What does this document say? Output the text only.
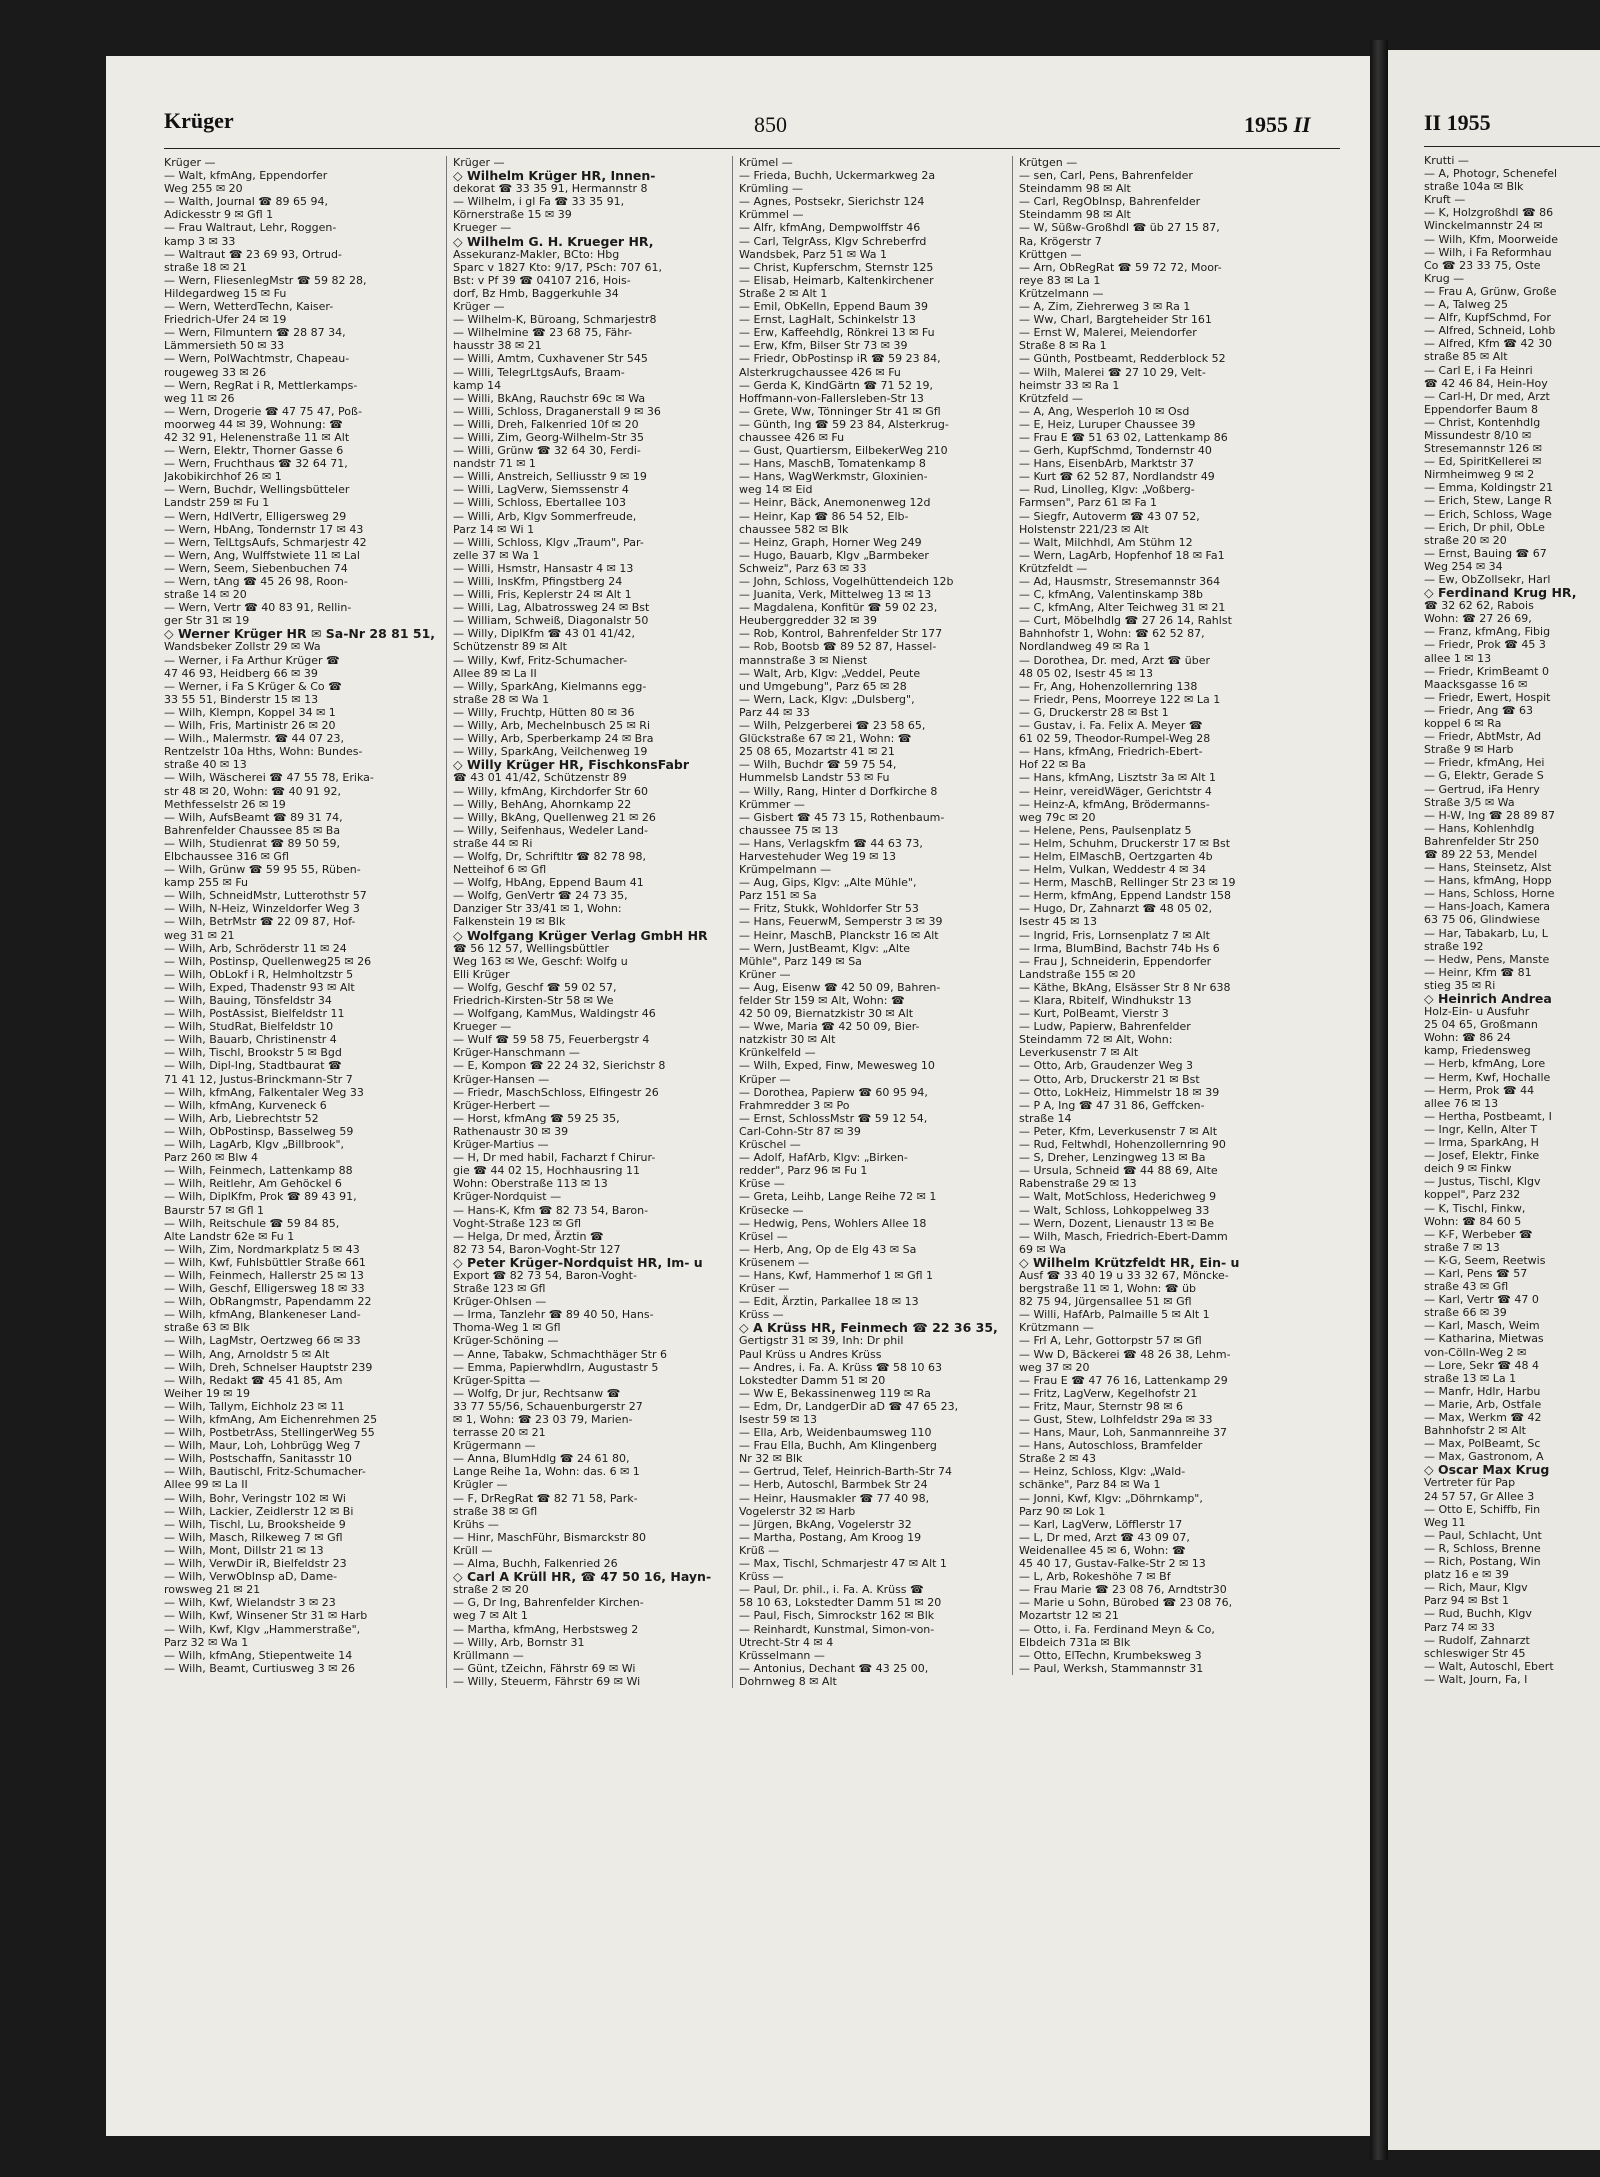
Krüger	850	1955 II
Krüger —
— Walt, kfmAng, Eppendorfer
Weg 255 ✉ 20
— Walth, Journal ☎ 89 65 94,
Adickesstr 9 ✉ Gfl 1
— Frau Waltraut, Lehr, Roggen-
kamp 3 ✉ 33
— Waltraut ☎ 23 69 93, Ortrud-
straße 18 ✉ 21
— Wern, FliesenlegMstr ☎ 59 82 28,
Hildegardweg 15 ✉ Fu
— Wern, WetterdTechn, Kaiser-
Friedrich-Ufer 24 ✉ 19
— Wern, Filmuntern ☎ 28 87 34,
Lämmersieth 50 ✉ 33
— Wern, PolWachtmstr, Chapeau-
rougeweg 33 ✉ 26
— Wern, RegRat i R, Mettlerkamps-
weg 11 ✉ 26
— Wern, Drogerie ☎ 47 75 47, Poß-
moorweg 44 ✉ 39, Wohnung: ☎
42 32 91, Helenenstraße 11 ✉ Alt
— Wern, Elektr, Thorner Gasse 6
— Wern, Fruchthaus ☎ 32 64 71,
Jakobikirchhof 26 ✉ 1
— Wern, Buchdr, Wellingsbütteler
Landstr 259 ✉ Fu 1
— Wern, HdlVertr, Elligersweg 29
— Wern, HbAng, Tondernstr 17 ✉ 43
— Wern, TelLtgsAufs, Schmarjestr 42
— Wern, Ang, Wulffstwiete 11 ✉ Lal
— Wern, Seem, Siebenbuchen 74
— Wern, tAng ☎ 45 26 98, Roon-
straße 14 ✉ 20
— Wern, Vertr ☎ 40 83 91, Rellin-
ger Str 31 ✉ 19
◇ Werner Krüger HR ✉ Sa-Nr 28 81 51,
Wandsbeker Zollstr 29 ✉ Wa
— Werner, i Fa Arthur Krüger ☎
47 46 93, Heidberg 66 ✉ 39
— Werner, i Fa S Krüger & Co ☎
33 55 51, Binderstr 15 ✉ 13
— Wilh, Klempn, Koppel 34 ✉ 1
— Wilh, Fris, Martinistr 26 ✉ 20
— Wilh., Malermstr. ☎ 44 07 23,
Rentzelstr 10a Hths, Wohn: Bundes-
straße 40 ✉ 13
— Wilh, Wäscherei ☎ 47 55 78, Erika-
str 48 ✉ 20, Wohn: ☎ 40 91 92,
Methfesselstr 26 ✉ 19
— Wilh, AufsBeamt ☎ 89 31 74,
Bahrenfelder Chaussee 85 ✉ Ba
— Wilh, Studienrat ☎ 89 50 59,
Elbchaussee 316 ✉ Gfl
— Wilh, Grünw ☎ 59 95 55, Rüben-
kamp 255 ✉ Fu
— Wilh, SchneidMstr, Lutterothstr 57
— Wilh, N-Heiz, Winzeldorfer Weg 3
— Wilh, BetrMstr ☎ 22 09 87, Hof-
weg 31 ✉ 21
— Wilh, Arb, Schröderstr 11 ✉ 24
— Wilh, Postinsp, Quellenweg25 ✉ 26
— Wilh, ObLokf i R, Helmholtzstr 5
— Wilh, Exped, Thadenstr 93 ✉ Alt
— Wilh, Bauing, Tönsfeldstr 34
— Wilh, PostAssist, Bielfeldstr 11
— Wilh, StudRat, Bielfeldstr 10
— Wilh, Bauarb, Christinenstr 4
— Wilh, Tischl, Brookstr 5 ✉ Bgd
— Wilh, Dipl-Ing, Stadtbaurat ☎
71 41 12, Justus-Brinckmann-Str 7
— Wilh, kfmAng, Falkentaler Weg 33
— Wilh, kfmAng, Kurveneck 6
— Wilh, Arb, Liebrechtstr 52
— Wilh, ObPostinsp, Basselweg 59
— Wilh, LagArb, Klgv „Billbrook",
Parz 260 ✉ Blw 4
— Wilh, Feinmech, Lattenkamp 88
— Wilh, Reitlehr, Am Gehöckel 6
— Wilh, DiplKfm, Prok ☎ 89 43 91,
Baurstr 57 ✉ Gfl 1
— Wilh, Reitschule ☎ 59 84 85,
Alte Landstr 62e ✉ Fu 1
— Wilh, Zim, Nordmarkplatz 5 ✉ 43
— Wilh, Kwf, Fuhlsbüttler Straße 661
— Wilh, Feinmech, Hallerstr 25 ✉ 13
— Wilh, Geschf, Elligersweg 18 ✉ 33
— Wilh, ObRangmstr, Papendamm 22
— Wilh, kfmAng, Blankeneser Land-
straße 63 ✉ Blk
— Wilh, LagMstr, Oertzweg 66 ✉ 33
— Wilh, Ang, Arnoldstr 5 ✉ Alt
— Wilh, Dreh, Schnelser Hauptstr 239
— Wilh, Redakt ☎ 45 41 85, Am
Weiher 19 ✉ 19
— Wilh, Tallym, Eichholz 23 ✉ 11
— Wilh, kfmAng, Am Eichenrehmen 25
— Wilh, PostbetrAss, StellingerWeg 55
— Wilh, Maur, Loh, Lohbrügg Weg 7
— Wilh, Postschaffn, Sanitasstr 10
— Wilh, Bautischl, Fritz-Schumacher-
Allee 99 ✉ La II
— Wilh, Bohr, Veringstr 102 ✉ Wi
— Wilh, Lackier, Zeidlerstr 12 ✉ Bi
— Wilh, Tischl, Lu, Brooksheide 9
— Wilh, Masch, Rilkeweg 7 ✉ Gfl
— Wilh, Mont, Dillstr 21 ✉ 13
— Wilh, VerwDir iR, Bielfeldstr 23
— Wilh, VerwObInsp aD, Dame-
rowsweg 21 ✉ 21
— Wilh, Kwf, Wielandstr 3 ✉ 23
— Wilh, Kwf, Winsener Str 31 ✉ Harb
— Wilh, Kwf, Klgv „Hammerstraße",
Parz 32 ✉ Wa 1
— Wilh, kfmAng, Stiepentweite 14
— Wilh, Beamt, Curtiusweg 3 ✉ 26
Krüger —
◇ Wilhelm Krüger HR, Innen-
dekorat ☎ 33 35 91, Hermannstr 8
— Wilhelm, i gl Fa ☎ 33 35 91,
Körnerstraße 15 ✉ 39
Krueger —
◇ Wilhelm G. H. Krueger HR,
Assekuranz-Makler, BCto: Hbg
Sparc v 1827 Kto: 9/17, PSch: 707 61,
Bst: v Pf 39 ☎ 04107 216, Hois-
dorf, Bz Hmb, Baggerkuhle 34
Krüger —
— Wilhelm-K, Büroang, Schmarjestr8
— Wilhelmine ☎ 23 68 75, Fähr-
hausstr 38 ✉ 21
— Willi, Amtm, Cuxhavener Str 545
— Willi, TelegrLtgsAufs, Braam-
kamp 14
— Willi, BkAng, Rauchstr 69c ✉ Wa
— Willi, Schloss, Draganerstall 9 ✉ 36
— Willi, Dreh, Falkenried 10f ✉ 20
— Willi, Zim, Georg-Wilhelm-Str 35
— Willi, Grünw ☎ 32 64 30, Ferdi-
nandstr 71 ✉ 1
— Willi, Anstreich, Selliusstr 9 ✉ 19
— Willi, LagVerw, Siemssenstr 4
— Willi, Schloss, Ebertallee 103
— Willi, Arb, Klgv Sommerfreude,
Parz 14 ✉ Wi 1
— Willi, Schloss, Klgv „Traum", Par-
zelle 37 ✉ Wa 1
— Willi, Hsmstr, Hansastr 4 ✉ 13
— Willi, InsKfm, Pfingstberg 24
— Willi, Fris, Keplerstr 24 ✉ Alt 1
— Willi, Lag, Albatrossweg 24 ✉ Bst
— William, Schweiß, Diagonalstr 50
— Willy, DiplKfm ☎ 43 01 41/42,
Schützenstr 89 ✉ Alt
— Willy, Kwf, Fritz-Schumacher-
Allee 89 ✉ La II
— Willy, SparkAng, Kielmanns egg-
straße 28 ✉ Wa 1
— Willy, Fruchtp, Hütten 80 ✉ 36
— Willy, Arb, Mechelnbusch 25 ✉ Ri
— Willy, Arb, Sperberkamp 24 ✉ Bra
— Willy, SparkAng, Veilchenweg 19
◇ Willy Krüger HR, FischkonsFabr
☎ 43 01 41/42, Schützenstr 89
— Willy, kfmAng, Kirchdorfer Str 60
— Willy, BehAng, Ahornkamp 22
— Willy, BkAng, Quellenweg 21 ✉ 26
— Willy, Seifenhaus, Wedeler Land-
straße 44 ✉ Ri
— Wolfg, Dr, Schriftltr ☎ 82 78 98,
Netteihof 6 ✉ Gfl
— Wolfg, HbAng, Eppend Baum 41
— Wolfg, GenVertr ☎ 24 73 35,
Danziger Str 33/41 ✉ 1, Wohn:
Falkenstein 19 ✉ Blk
◇ Wolfgang Krüger Verlag GmbH HR
☎ 56 12 57, Wellingsbüttler
Weg 163 ✉ We, Geschf: Wolfg u
Elli Krüger
— Wolfg, Geschf ☎ 59 02 57,
Friedrich-Kirsten-Str 58 ✉ We
— Wolfgang, KamMus, Waldingstr 46
Krueger —
— Wulf ☎ 59 58 75, Feuerbergstr 4
Krüger-Hanschmann —
— E, Kompon ☎ 22 24 32, Sierichstr 8
Krüger-Hansen —
— Friedr, MaschSchloss, Elfingestr 26
Krüger-Herbert —
— Horst, kfmAng ☎ 59 25 35,
Rathenaustr 30 ✉ 39
Krüger-Martius —
— H, Dr med habil, Facharzt f Chirur-
gie ☎ 44 02 15, Hochhausring 11
Wohn: Oberstraße 113 ✉ 13
Krüger-Nordquist —
— Hans-K, Kfm ☎ 82 73 54, Baron-
Voght-Straße 123 ✉ Gfl
— Helga, Dr med, Ärztin ☎
82 73 54, Baron-Voght-Str 127
◇ Peter Krüger-Nordquist HR, Im- u
Export ☎ 82 73 54, Baron-Voght-
Straße 123 ✉ Gfl
Krüger-Ohlsen —
— Irma, Tanzlehr ☎ 89 40 50, Hans-
Thoma-Weg 1 ✉ Gfl
Krüger-Schöning —
— Anne, Tabakw, Schmachthäger Str 6
— Emma, Papierwhdlrn, Augustastr 5
Krüger-Spitta —
— Wolfg, Dr jur, Rechtsanw ☎
33 77 55/56, Schauenburgerstr 27
✉ 1, Wohn: ☎ 23 03 79, Marien-
terrasse 20 ✉ 21
Krügermann —
— Anna, BlumHdlg ☎ 24 61 80,
Lange Reihe 1a, Wohn: das. 6 ✉ 1
Krügler —
— F, DrRegRat ☎ 82 71 58, Park-
straße 38 ✉ Gfl
Krühs —
— Hinr, MaschFühr, Bismarckstr 80
Krüll —
— Alma, Buchh, Falkenried 26
◇ Carl A Krüll HR, ☎ 47 50 16, Hayn-
straße 2 ✉ 20
— G, Dr Ing, Bahrenfelder Kirchen-
weg 7 ✉ Alt 1
— Martha, kfmAng, Herbstsweg 2
— Willy, Arb, Bornstr 31
Krüllmann —
— Günt, tZeichn, Fährstr 69 ✉ Wi
— Willy, Steuerm, Fährstr 69 ✉ Wi
Krümel —
— Frieda, Buchh, Uckermarkweg 2a
Krümling —
— Agnes, Postsekr, Sierichstr 124
Krümmel —
— Alfr, kfmAng, Dempwolffstr 46
— Carl, TelgrAss, Klgv Schreberfrd
Wandsbek, Parz 51 ✉ Wa 1
— Christ, Kupferschm, Sternstr 125
— Elisab, Heimarb, Kaltenkirchener
Straße 2 ✉ Alt 1
— Emil, ObKelln, Eppend Baum 39
— Ernst, LagHalt, Schinkelstr 13
— Erw, Kaffeehdlg, Rönkrei 13 ✉ Fu
— Erw, Kfm, Bilser Str 73 ✉ 39
— Friedr, ObPostinsp iR ☎ 59 23 84,
Alsterkrugchaussee 426 ✉ Fu
— Gerda K, KindGärtn ☎ 71 52 19,
Hoffmann-von-Fallersleben-Str 13
— Grete, Ww, Tönninger Str 41 ✉ Gfl
— Günth, Ing ☎ 59 23 84, Alsterkrug-
chaussee 426 ✉ Fu
— Gust, Quartiersm, EilbekerWeg 210
— Hans, MaschB, Tomatenkamp 8
— Hans, WagWerkmstr, Gloxinien-
weg 14 ✉ Eid
— Heinr, Bäck, Anemonenweg 12d
— Heinr, Kap ☎ 86 54 52, Elb-
chaussee 582 ✉ Blk
— Heinz, Graph, Horner Weg 249
— Hugo, Bauarb, Klgv „Barmbeker
Schweiz", Parz 63 ✉ 33
— John, Schloss, Vogelhüttendeich 12b
— Juanita, Verk, Mittelweg 13 ✉ 13
— Magdalena, Konfitür ☎ 59 02 23,
Heuberggredder 32 ✉ 39
— Rob, Kontrol, Bahrenfelder Str 177
— Rob, Bootsb ☎ 89 52 87, Hassel-
mannstraße 3 ✉ Nienst
— Walt, Arb, Klgv: „Veddel, Peute
und Umgebung", Parz 65 ✉ 28
— Wern, Lack, Klgv: „Dulsberg",
Parz 44 ✉ 33
— Wilh, Pelzgerberei ☎ 23 58 65,
Glückstraße 67 ✉ 21, Wohn: ☎
25 08 65, Mozartstr 41 ✉ 21
— Wilh, Buchdr ☎ 59 75 54,
Hummelsb Landstr 53 ✉ Fu
— Willy, Rang, Hinter d Dorfkirche 8
Krümmer —
— Gisbert ☎ 45 73 15, Rothenbaum-
chaussee 75 ✉ 13
— Hans, Verlagskfm ☎ 44 63 73,
Harvestehuder Weg 19 ✉ 13
Krümpelmann —
— Aug, Gips, Klgv: „Alte Mühle",
Parz 151 ✉ Sa
— Fritz, Stukk, Wohldorfer Str 53
— Hans, FeuerwM, Semperstr 3 ✉ 39
— Heinr, MaschB, Planckstr 16 ✉ Alt
— Wern, JustBeamt, Klgv: „Alte
Mühle", Parz 149 ✉ Sa
Krüner —
— Aug, Eisenw ☎ 42 50 09, Bahren-
felder Str 159 ✉ Alt, Wohn: ☎
42 50 09, Biernatzkistr 30 ✉ Alt
— Wwe, Maria ☎ 42 50 09, Bier-
natzkistr 30 ✉ Alt
Krünkelfeld —
— Wilh, Exped, Finw, Mewesweg 10
Krüper —
— Dorothea, Papierw ☎ 60 95 94,
Frahmredder 3 ✉ Po
— Ernst, SchlossMstr ☎ 59 12 54,
Carl-Cohn-Str 87 ✉ 39
Krüschel —
— Adolf, HafArb, Klgv: „Birken-
redder", Parz 96 ✉ Fu 1
Krüse —
— Greta, Leihb, Lange Reihe 72 ✉ 1
Krüsecke —
— Hedwig, Pens, Wohlers Allee 18
Krüsel —
— Herb, Ang, Op de Elg 43 ✉ Sa
Krüsenem —
— Hans, Kwf, Hammerhof 1 ✉ Gfl 1
Krüser —
— Edit, Ärztin, Parkallee 18 ✉ 13
Krüss —
◇ A Krüss HR, Feinmech ☎ 22 36 35,
Gertigstr 31 ✉ 39, Inh: Dr phil
Paul Krüss u Andres Krüss
— Andres, i. Fa. A. Krüss ☎ 58 10 63
Lokstedter Damm 51 ✉ 20
— Ww E, Bekassinenweg 119 ✉ Ra
— Edm, Dr, LandgerDir aD ☎ 47 65 23,
Isestr 59 ✉ 13
— Ella, Arb, Weidenbaumsweg 110
— Frau Ella, Buchh, Am Klingenberg
Nr 32 ✉ Blk
— Gertrud, Telef, Heinrich-Barth-Str 74
— Herb, Autoschl, Barmbek Str 24
— Heinr, Hausmakler ☎ 77 40 98,
Vogelerstr 32 ✉ Harb
— Jürgen, BkAng, Vogelerstr 32
— Martha, Postang, Am Kroog 19
Krüß —
— Max, Tischl, Schmarjestr 47 ✉ Alt 1
Krüss —
— Paul, Dr. phil., i. Fa. A. Krüss ☎
58 10 63, Lokstedter Damm 51 ✉ 20
— Paul, Fisch, Simrockstr 162 ✉ Blk
— Reinhardt, Kunstmal, Simon-von-
Utrecht-Str 4 ✉ 4
Krüsselmann —
— Antonius, Dechant ☎ 43 25 00,
Dohrnweg 8 ✉ Alt
Krütgen —
— sen, Carl, Pens, Bahrenfelder
Steindamm 98 ✉ Alt
— Carl, RegObInsp, Bahrenfelder
Steindamm 98 ✉ Alt
— W, Süßw-Großhdl ☎ üb 27 15 87,
Ra, Krögerstr 7
Krüttgen —
— Arn, ObRegRat ☎ 59 72 72, Moor-
reye 83 ✉ La 1
Krützelmann —
— A, Zim, Ziehrerweg 3 ✉ Ra 1
— Ww, Charl, Bargteheider Str 161
— Ernst W, Malerei, Meiendorfer
Straße 8 ✉ Ra 1
— Günth, Postbeamt, Redderblock 52
— Wilh, Malerei ☎ 27 10 29, Velt-
heimstr 33 ✉ Ra 1
Krützfeld —
— A, Ang, Wesperloh 10 ✉ Osd
— E, Heiz, Luruper Chaussee 39
— Frau E ☎ 51 63 02, Lattenkamp 86
— Gerh, KupfSchmd, Tondernstr 40
— Hans, EisenbArb, Marktstr 37
— Kurt ☎ 62 52 87, Nordlandstr 49
— Rud, Linolleg, Klgv: „Voßberg-
Farmsen", Parz 61 ✉ Fa 1
— Siegfr, Autoverm ☎ 43 07 52,
Holstenstr 221/23 ✉ Alt
— Walt, Milchhdl, Am Stühm 12
— Wern, LagArb, Hopfenhof 18 ✉ Fa1
Krützfeldt —
— Ad, Hausmstr, Stresemannstr 364
— C, kfmAng, Valentinskamp 38b
— C, kfmAng, Alter Teichweg 31 ✉ 21
— Curt, Möbelhdlg ☎ 27 26 14, Rahlst
Bahnhofstr 1, Wohn: ☎ 62 52 87,
Nordlandweg 49 ✉ Ra 1
— Dorothea, Dr. med, Arzt ☎ über
48 05 02, Isestr 45 ✉ 13
— Fr, Ang, Hohenzollernring 138
— Friedr, Pens, Moorreye 122 ✉ La 1
— G, Druckerstr 28 ✉ Bst 1
— Gustav, i. Fa. Felix A. Meyer ☎
61 02 59, Theodor-Rumpel-Weg 28
— Hans, kfmAng, Friedrich-Ebert-
Hof 22 ✉ Ba
— Hans, kfmAng, Lisztstr 3a ✉ Alt 1
— Heinr, vereidWäger, Gerichtstr 4
— Heinz-A, kfmAng, Brödermanns-
weg 79c ✉ 20
— Helene, Pens, Paulsenplatz 5
— Helm, Schuhm, Druckerstr 17 ✉ Bst
— Helm, ElMaschB, Oertzgarten 4b
— Helm, Vulkan, Weddestr 4 ✉ 34
— Herm, MaschB, Rellinger Str 23 ✉ 19
— Herm, kfmAng, Eppend Landstr 158
— Hugo, Dr, Zahnarzt ☎ 48 05 02,
Isestr 45 ✉ 13
— Ingrid, Fris, Lornsenplatz 7 ✉ Alt
— Irma, BlumBind, Bachstr 74b Hs 6
— Frau J, Schneiderin, Eppendorfer
Landstraße 155 ✉ 20
— Käthe, BkAng, Elsässer Str 8 Nr 638
— Klara, Rbitelf, Windhukstr 13
— Kurt, PolBeamt, Vierstr 3
— Ludw, Papierw, Bahrenfelder
Steindamm 72 ✉ Alt, Wohn:
Leverkusenstr 7 ✉ Alt
— Otto, Arb, Graudenzer Weg 3
— Otto, Arb, Druckerstr 21 ✉ Bst
— Otto, LokHeiz, Himmelstr 18 ✉ 39
— P A, Ing ☎ 47 31 86, Geffcken-
straße 14
— Peter, Kfm, Leverkusenstr 7 ✉ Alt
— Rud, Feltwhdl, Hohenzollernring 90
— S, Dreher, Lenzingweg 13 ✉ Ba
— Ursula, Schneid ☎ 44 88 69, Alte
Rabenstraße 29 ✉ 13
— Walt, MotSchloss, Hederichweg 9
— Walt, Schloss, Lohkoppelweg 33
— Wern, Dozent, Lienaustr 13 ✉ Be
— Wilh, Masch, Friedrich-Ebert-Damm
69 ✉ Wa
◇ Wilhelm Krützfeldt HR, Ein- u
Ausf ☎ 33 40 19 u 33 32 67, Möncke-
bergstraße 11 ✉ 1, Wohn: ☎ üb
82 75 94, Jürgensallee 51 ✉ Gfl
— Willi, HafArb, Palmaille 5 ✉ Alt 1
Krützmann —
— Frl A, Lehr, Gottorpstr 57 ✉ Gfl
— Ww D, Bäckerei ☎ 48 26 38, Lehm-
weg 37 ✉ 20
— Frau E ☎ 47 76 16, Lattenkamp 29
— Fritz, LagVerw, Kegelhofstr 21
— Fritz, Maur, Sternstr 98 ✉ 6
— Gust, Stew, Lolhfeldstr 29a ✉ 33
— Hans, Maur, Loh, Sanmannreihe 37
— Hans, Autoschloss, Bramfelder
Straße 2 ✉ 43
— Heinz, Schloss, Klgv: „Wald-
schänke", Parz 84 ✉ Wa 1
— Jonni, Kwf, Klgv: „Döhrnkamp",
Parz 90 ✉ Lok 1
— Karl, LagVerw, Löfflerstr 17
— L, Dr med, Arzt ☎ 43 09 07,
Weidenallee 45 ✉ 6, Wohn: ☎
45 40 17, Gustav-Falke-Str 2 ✉ 13
— L, Arb, Rokeshöhe 7 ✉ Bf
— Frau Marie ☎ 23 08 76, Arndtstr30
— Marie u Sohn, Bürobed ☎ 23 08 76,
Mozartstr 12 ✉ 21
— Otto, i. Fa. Ferdinand Meyn & Co,
Elbdeich 731a ✉ Blk
— Otto, ElTechn, Krumbeksweg 3
— Paul, Werksh, Stammannstr 31
II 1955
Krutti —
— A, Photogr, Schenefel
straße 104a ✉ Blk
Kruft —
— K, Holzgroßhdl ☎ 86
Winckelmannstr 24 ✉
— Wilh, Kfm, Moorweide
— Wilh, i Fa Reformhau
Co ☎ 23 33 75, Oste
Krug —
— Frau A, Grünw, Große
— A, Talweg 25
— Alfr, KupfSchmd, For
— Alfred, Schneid, Lohb
— Alfred, Kfm ☎ 42 30
straße 85 ✉ Alt
— Carl E, i Fa Heinri
☎ 42 46 84, Hein-Hoy
— Carl-H, Dr med, Arzt
Eppendorfer Baum 8
— Christ, Kontenhdlg
Missundestr 8/10 ✉
Stresemannstr 126 ✉
— Ed, SpiritKellerei ✉
Nirmheimweg 9 ✉ 2
— Emma, Koldingstr 21
— Erich, Stew, Lange R
— Erich, Schloss, Wage
— Erich, Dr phil, ObLe
straße 20 ✉ 20
— Ernst, Bauing ☎ 67
Weg 254 ✉ 34
— Ew, ObZollsekr, Harl
◇ Ferdinand Krug HR,
☎ 32 62 62, Rabois
Wohn: ☎ 27 26 69,
— Franz, kfmAng, Fibig
— Friedr, Prok ☎ 45 3
allee 1 ✉ 13
— Friedr, KrimBeamt 0
Maacksgasse 16 ✉
— Friedr, Ewert, Hospit
— Friedr, Ang ☎ 63
koppel 6 ✉ Ra
— Friedr, AbtMstr, Ad
Straße 9 ✉ Harb
— Friedr, kfmAng, Hei
— G, Elektr, Gerade S
— Gertrud, iFa Henry
Straße 3/5 ✉ Wa
— H-W, Ing ☎ 28 89 87
— Hans, Kohlenhdlg
Bahrenfelder Str 250
☎ 89 22 53, Mendel
— Hans, Steinsetz, Alst
— Hans, kfmAng, Hopp
— Hans, Schloss, Horne
— Hans-Joach, Kamera
63 75 06, Glindwiese
— Har, Tabakarb, Lu, L
straße 192
— Hedw, Pens, Manste
— Heinr, Kfm ☎ 81
stieg 35 ✉ Ri
◇ Heinrich Andrea
Holz-Ein- u Ausfuhr
25 04 65, Großmann
Wohn: ☎ 86 24
kamp, Friedensweg
— Herb, kfmAng, Lore
— Herm, Kwf, Hochalle
— Herm, Prok ☎ 44
allee 76 ✉ 13
— Hertha, Postbeamt, I
— Ingr, Kelln, Alter T
— Irma, SparkAng, H
— Josef, Elektr, Finke
deich 9 ✉ Finkw
— Justus, Tischl, Klgv
koppel", Parz 232
— K, Tischl, Finkw,
Wohn: ☎ 84 60 5
— K-F, Werbeber ☎
straße 7 ✉ 13
— K-G, Seem, Reetwis
— Karl, Pens ☎ 57
straße 43 ✉ Gfl
— Karl, Vertr ☎ 47 0
straße 66 ✉ 39
— Karl, Masch, Weim
— Katharina, Mietwas
von-Cölln-Weg 2 ✉
— Lore, Sekr ☎ 48 4
straße 13 ✉ La 1
— Manfr, Hdlr, Harbu
— Marie, Arb, Ostfale
— Max, Werkm ☎ 42
Bahnhofstr 2 ✉ Alt
— Max, PolBeamt, Sc
— Max, Gastronom, A
◇ Oscar Max Krug
Vertreter für Pap
24 57 57, Gr Allee 3
— Otto E, Schiffb, Fin
Weg 11
— Paul, Schlacht, Unt
— R, Schloss, Brenne
— Rich, Postang, Win
platz 16 e ✉ 39
— Rich, Maur, Klgv
Parz 94 ✉ Bst 1
— Rud, Buchh, Klgv
Parz 74 ✉ 33
— Rudolf, Zahnarzt
schleswiger Str 45
— Walt, Autoschl, Ebert
— Walt, Journ, Fa, I
